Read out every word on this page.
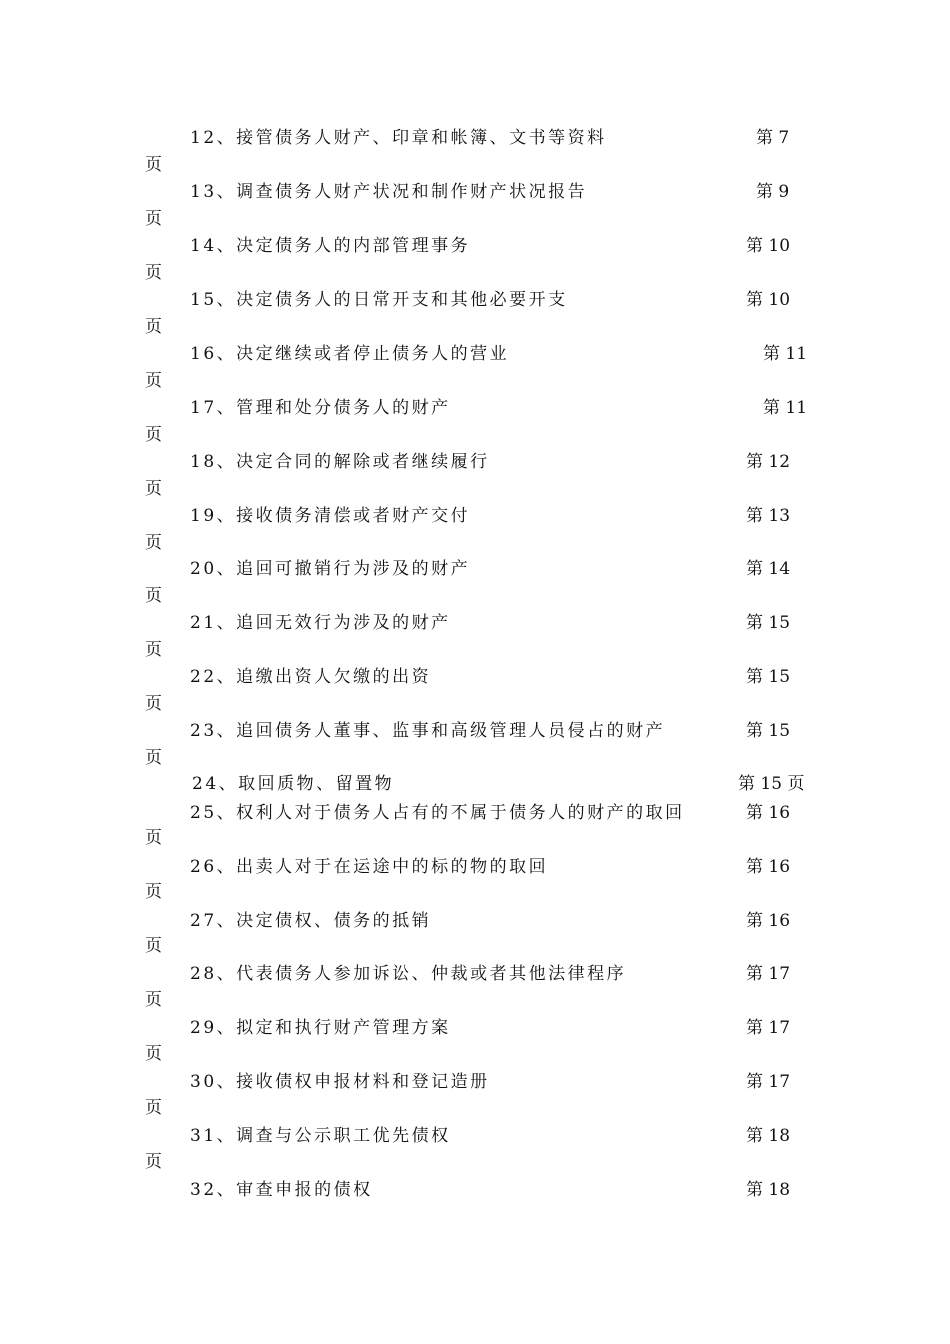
12、接管债务人财产、印章和帐簿、文书等资料	第 7
页
13、调查债务人财产状况和制作财产状况报告	第 9
页
14、决定债务人的内部管理事务	第 10
页
15、决定债务人的日常开支和其他必要开支	第 10
页
16、决定继续或者停止债务人的营业	第 11
页
17、管理和处分债务人的财产	第 11
页
18、决定合同的解除或者继续履行	第 12
页
19、接收债务清偿或者财产交付	第 13
页
20、追回可撤销行为涉及的财产	第 14
页
21、追回无效行为涉及的财产	第 15
页
22、追缴出资人欠缴的出资	第 15
页
23、追回债务人董事、监事和高级管理人员侵占的财产	第 15
页
24、取回质物、留置物	第 15 页
25、权利人对于债务人占有的不属于债务人的财产的取回	第 16
页
26、出卖人对于在运途中的标的物的取回	第 16
页
27、决定债权、债务的抵销	第 16
页
28、代表债务人参加诉讼、仲裁或者其他法律程序	第 17
页
29、拟定和执行财产管理方案	第 17
页
30、接收债权申报材料和登记造册	第 17
页
31、调查与公示职工优先债权	第 18
页
32、审查申报的债权	第 18
